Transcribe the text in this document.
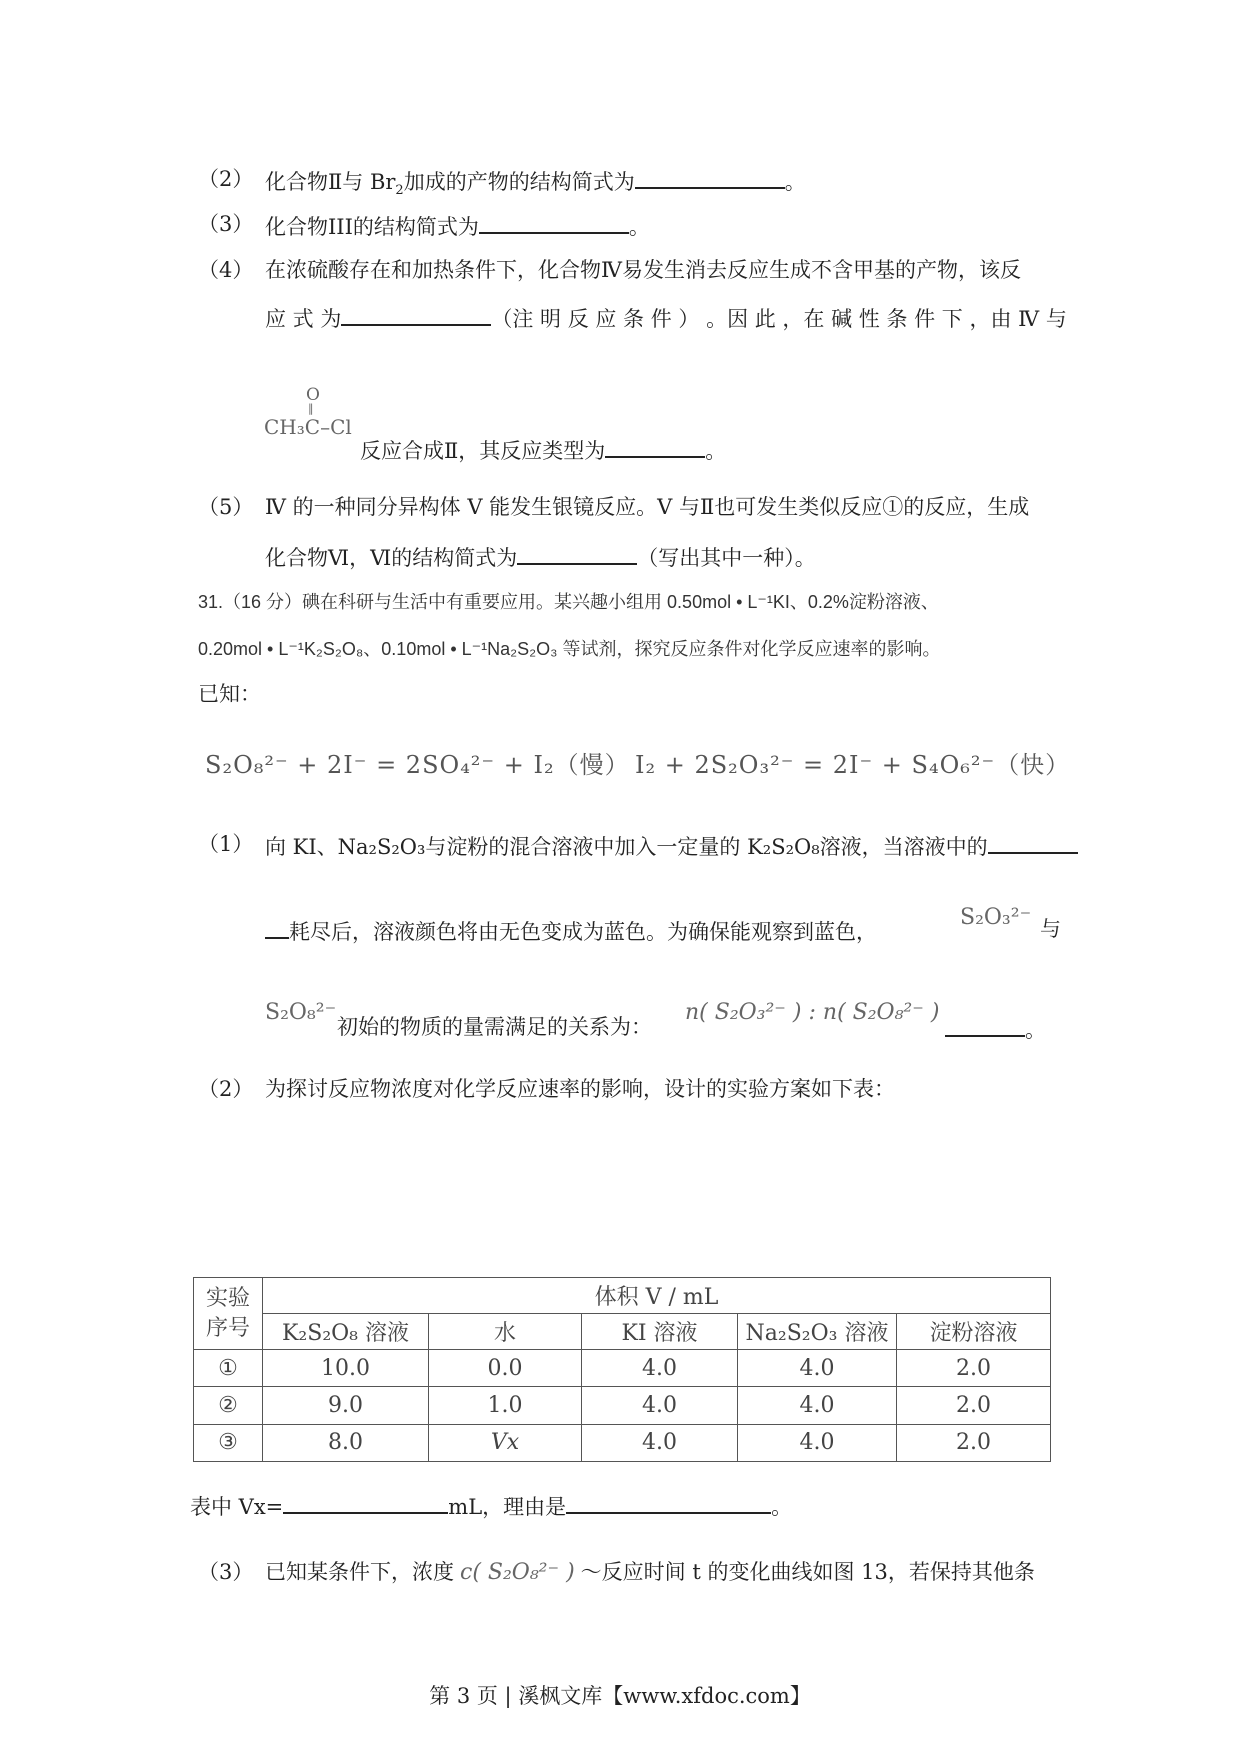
（2） 化合物Ⅱ与 $Br_2$加成的产物的结构简式为	。
（3） 化合物III的结构简式为	。
（4） 在浓硫酸存在和加热条件下，化合物Ⅳ易发生消去反应生成不含甲基的产物，该反
应 式 为	（注 明 反 应 条 件 ） 。因 此 ，在 碱 性 条 件 下 ，由 Ⅳ 与
O
‖
CH₃C–Cl
反应合成Ⅱ，其反应类型为	。
（5） Ⅳ 的一种同分异构体 V 能发生银镜反应。V 与Ⅱ也可发生类似反应①的反应，生成
化合物Ⅵ，Ⅵ的结构简式为	（写出其中一种）。
31.（16 分）碘在科研与生活中有重要应用。某兴趣小组用 0.50mol • L⁻¹KI、0.2%淀粉溶液、
0.20mol • L⁻¹K₂S₂O₈、0.10mol • L⁻¹Na₂S₂O₃ 等试剂，探究反应条件对化学反应速率的影响。
已知：
S₂O₈²⁻ + 2I⁻ = 2SO₄²⁻ + I₂（慢） I₂ + 2S₂O₃²⁻ = 2I⁻ + S₄O₆²⁻（快）
（1） 向 KI、Na₂S₂O₃与淀粉的混合溶液中加入一定量的 K₂S₂O₈溶液，当溶液中的
耗尽后，溶液颜色将由无色变成为蓝色。为确保能观察到蓝色，
S₂O₃²⁻ 与
S₂O₈²⁻
初始的物质的量需满足的关系为：
n( S₂O₃²⁻ ) : n( S₂O₈²⁻ )
。
（2） 为探讨反应物浓度对化学反应速率的影响，设计的实验方案如下表：
实验
序号	体积 V / mL				
	K₂S₂O₈ 溶液	水	KI 溶液	Na₂S₂O₃ 溶液	淀粉溶液
①	10.0	0.0	4.0	4.0	2.0
②	9.0	1.0	4.0	4.0	2.0
③	8.0	Vx	4.0	4.0	2.0
表中 Vx=	mL，理由是	。
（3） 已知某条件下，浓度 c( S₂O₈²⁻ ) ～反应时间 t 的变化曲线如图 13，若保持其他条
第 3 页 | 溪枫文库【www.xfdoc.com】
